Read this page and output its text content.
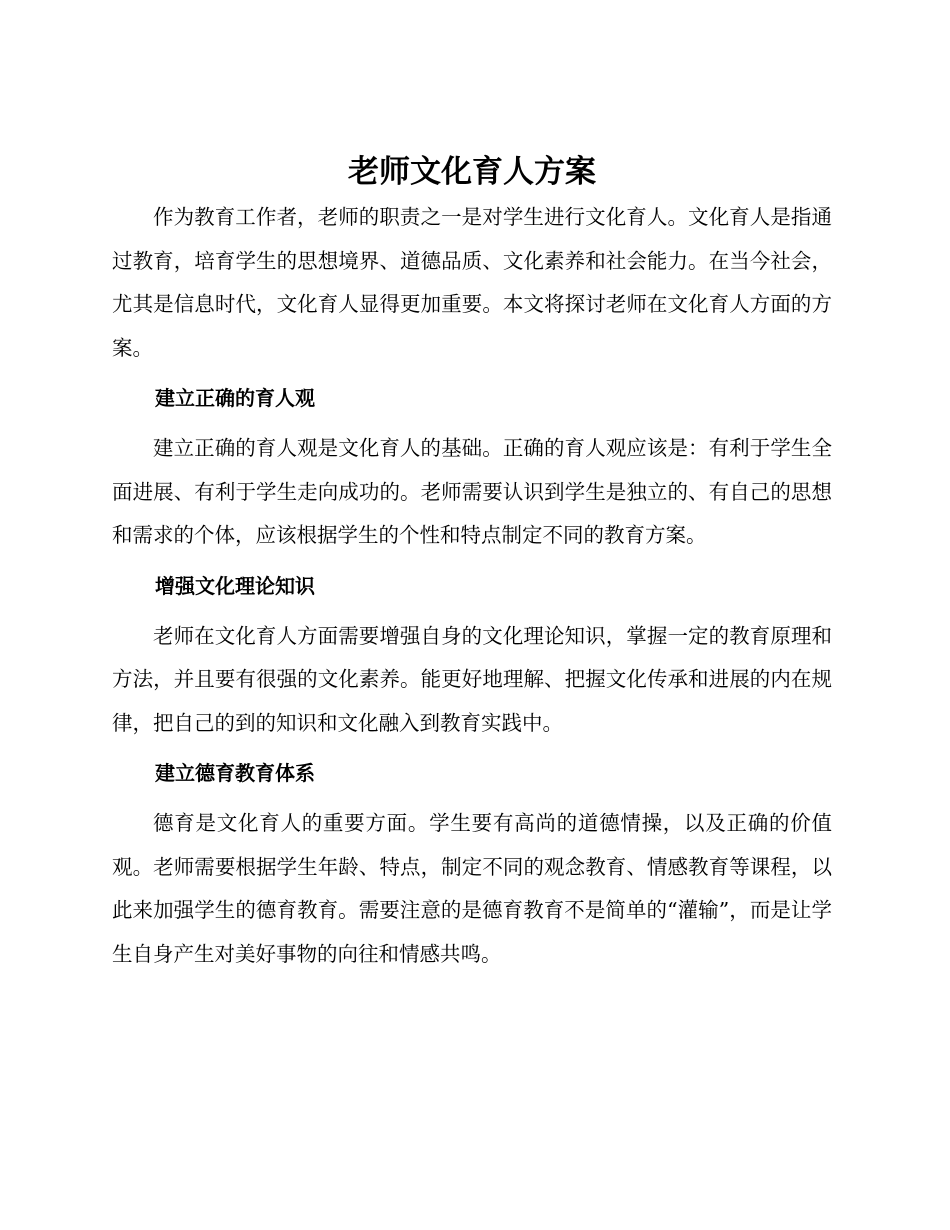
老师文化育人方案

作为教育工作者，老师的职责之一是对学生进行文化育人。文化育人是指通过教育，培育学生的思想境界、道德品质、文化素养和社会能力。在当今社会，尤其是信息时代，文化育人显得更加重要。本文将探讨老师在文化育人方面的方案。

建立正确的育人观

建立正确的育人观是文化育人的基础。正确的育人观应该是：有利于学生全面进展、有利于学生走向成功的。老师需要认识到学生是独立的、有自己的思想和需求的个体，应该根据学生的个性和特点制定不同的教育方案。

增强文化理论知识

老师在文化育人方面需要增强自身的文化理论知识，掌握一定的教育原理和方法，并且要有很强的文化素养。能更好地理解、把握文化传承和进展的内在规律，把自己的到的知识和文化融入到教育实践中。

建立德育教育体系

德育是文化育人的重要方面。学生要有高尚的道德情操，以及正确的价值观。老师需要根据学生年龄、特点，制定不同的观念教育、情感教育等课程，以此来加强学生的德育教育。需要注意的是德育教育不是简单的“灌输”，而是让学生自身产生对美好事物的向往和情感共鸣。
